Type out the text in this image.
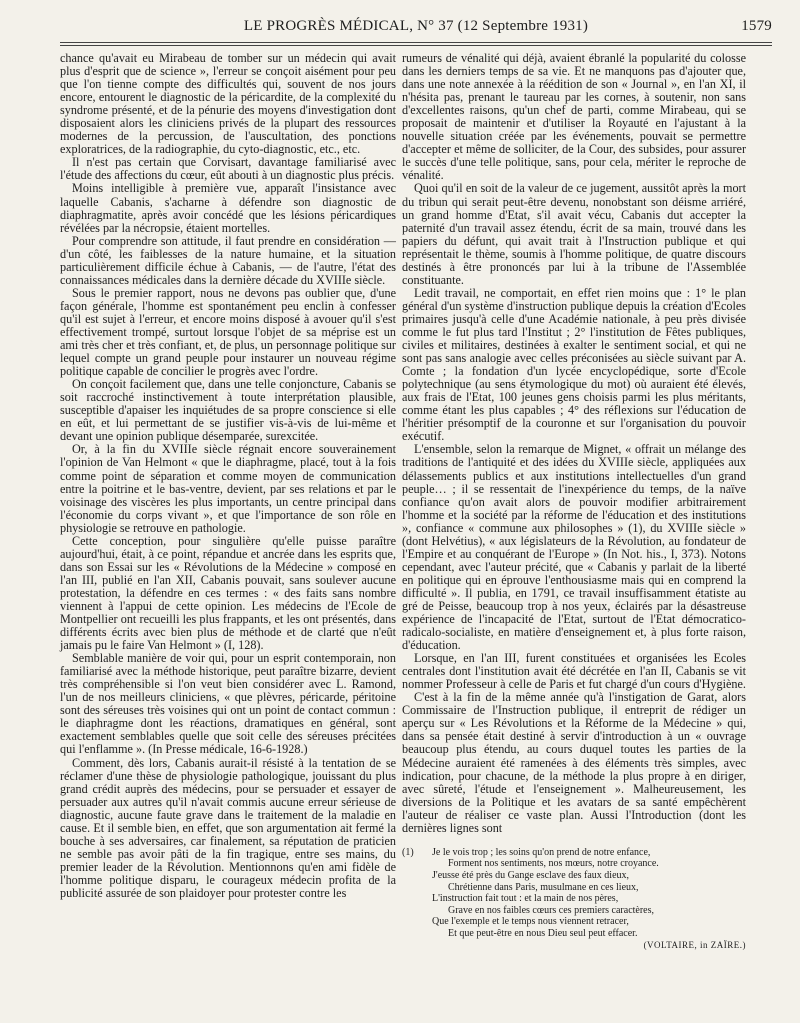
LE PROGRÈS MÉDICAL, N° 37 (12 Septembre 1931)	1579

chance qu'avait eu Mirabeau de tomber sur un médecin qui avait plus d'esprit que de science », l'erreur se conçoit aisément pour peu que l'on tienne compte des difficultés qui, souvent de nos jours encore, entourent le diagnostic de la péricardite, de la complexité du syndrome présenté, et de la pénurie des moyens d'investigation dont disposaient alors les cliniciens privés de la plupart des ressources modernes de la percussion, de l'auscultation, des ponctions exploratrices, de la radiographie, du cyto-diagnostic, etc., etc.

Il n'est pas certain que Corvisart, davantage familiarisé avec l'étude des affections du cœur, eût abouti à un diagnostic plus précis.

Moins intelligible à première vue, apparaît l'insistance avec laquelle Cabanis, s'acharne à défendre son diagnostic de diaphragmatite, après avoir concédé que les lésions péricardiques révélées par la nécropsie, étaient mortelles.

Pour comprendre son attitude, il faut prendre en considération — d'un côté, les faiblesses de la nature humaine, et la situation particulièrement difficile échue à Cabanis, — de l'autre, l'état des connaissances médicales dans la dernière décade du XVIIIe siècle.

Sous le premier rapport, nous ne devons pas oublier que, d'une façon générale, l'homme est spontanément peu enclin à confesser qu'il est sujet à l'erreur, et encore moins disposé à avouer qu'il s'est effectivement trompé, surtout lorsque l'objet de sa méprise est un ami très cher et très confiant, et, de plus, un personnage politique sur lequel compte un grand peuple pour instaurer un nouveau régime politique capable de concilier le progrès avec l'ordre.

On conçoit facilement que, dans une telle conjoncture, Cabanis se soit raccroché instinctivement à toute interprétation plausible, susceptible d'apaiser les inquiétudes de sa propre conscience si elle en eût, et lui permettant de se justifier vis-à-vis de lui-même et devant une opinion publique désemparée, surexcitée.

Or, à la fin du XVIIIe siècle régnait encore souverainement l'opinion de Van Helmont « que le diaphragme, placé, tout à la fois comme point de séparation et comme moyen de communication entre la poitrine et le bas-ventre, devient, par ses relations et par le voisinage des viscères les plus importants, un centre principal dans l'économie du corps vivant », et que l'importance de son rôle en physiologie se retrouve en pathologie.

Cette conception, pour singulière qu'elle puisse paraître aujourd'hui, était, à ce point, répandue et ancrée dans les esprits que, dans son Essai sur les « Révolutions de la Médecine » composé en l'an III, publié en l'an XII, Cabanis pouvait, sans soulever aucune protestation, la défendre en ces termes : « des faits sans nombre viennent à l'appui de cette opinion. Les médecins de l'Ecole de Montpellier ont recueilli les plus frappants, et les ont présentés, dans différents écrits avec bien plus de méthode et de clarté que n'eût jamais pu le faire Van Helmont » (I, 128).

Semblable manière de voir qui, pour un esprit contemporain, non familiarisé avec la méthode historique, peut paraître bizarre, devient très compréhensible si l'on veut bien considérer avec L. Ramond, l'un de nos meilleurs cliniciens, « que plèvres, péricarde, péritoine sont des séreuses très voisines qui ont un point de contact commun : le diaphragme dont les réactions, dramatiques en général, sont exactement semblables quelle que soit celle des séreuses précitées qui l'enflamme ». (In Presse médicale, 16-6-1928.)

Comment, dès lors, Cabanis aurait-il résisté à la tentation de se réclamer d'une thèse de physiologie pathologique, jouissant du plus grand crédit auprès des médecins, pour se persuader et essayer de persuader aux autres qu'il n'avait commis aucune erreur sérieuse de diagnostic, aucune faute grave dans le traitement de la maladie en cause. Et il semble bien, en effet, que son argumentation ait fermé la bouche à ses adversaires, car finalement, sa réputation de praticien ne semble pas avoir pâti de la fin tragique, entre ses mains, du premier leader de la Révolution. Mentionnons qu'en ami fidèle de l'homme politique disparu, le courageux médecin profita de la publicité assurée de son plaidoyer pour protester contre les

rumeurs de vénalité qui déjà, avaient ébranlé la popularité du colosse dans les derniers temps de sa vie. Et ne manquons pas d'ajouter que, dans une note annexée à la réédition de son « Journal », en l'an XI, il n'hésita pas, prenant le taureau par les cornes, à soutenir, non sans d'excellentes raisons, qu'un chef de parti, comme Mirabeau, qui se proposait de maintenir et d'utiliser la Royauté en l'ajustant à la nouvelle situation créée par les événements, pouvait se permettre d'accepter et même de solliciter, de la Cour, des subsides, pour assurer le succès d'une telle politique, sans, pour cela, mériter le reproche de vénalité.

Quoi qu'il en soit de la valeur de ce jugement, aussitôt après la mort du tribun qui serait peut-être devenu, nonobstant son déisme arriéré, un grand homme d'Etat, s'il avait vécu, Cabanis dut accepter la paternité d'un travail assez étendu, écrit de sa main, trouvé dans les papiers du défunt, qui avait trait à l'Instruction publique et qui représentait le thème, soumis à l'homme politique, de quatre discours destinés à être prononcés par lui à la tribune de l'Assemblée constituante.

Ledit travail, ne comportait, en effet rien moins que : 1° le plan général d'un système d'instruction publique depuis la création d'Ecoles primaires jusqu'à celle d'une Académie nationale, à peu près divisée comme le fut plus tard l'Institut ; 2° l'institution de Fêtes publiques, civiles et militaires, destinées à exalter le sentiment social, et qui ne sont pas sans analogie avec celles préconisées au siècle suivant par A. Comte ; la fondation d'un lycée encyclopédique, sorte d'Ecole polytechnique (au sens étymologique du mot) où auraient été élevés, aux frais de l'Etat, 100 jeunes gens choisis parmi les plus méritants, comme étant les plus capables ; 4° des réflexions sur l'éducation de l'héritier présomptif de la couronne et sur l'organisation du pouvoir exécutif.

L'ensemble, selon la remarque de Mignet, « offrait un mélange des traditions de l'antiquité et des idées du XVIIIe siècle, appliquées aux délassements publics et aux institutions intellectuelles d'un grand peuple… ; il se ressentait de l'inexpérience du temps, de la naïve confiance qu'on avait alors de pouvoir modifier arbitrairement l'homme et la société par la réforme de l'éducation et des institutions », confiance « commune aux philosophes » (1), du XVIIIe siècle » (dont Helvétius), « aux législateurs de la Révolution, au fondateur de l'Empire et au conquérant de l'Europe » (In Not. his., I, 373). Notons cependant, avec l'auteur précité, que « Cabanis y parlait de la liberté en politique qui en éprouve l'enthousiasme mais qui en comprend la difficulté ». Il publia, en 1791, ce travail insuffisamment étatiste au gré de Peisse, beaucoup trop à nos yeux, éclairés par la désastreuse expérience de l'incapacité de l'Etat, surtout de l'Etat démocratico-radicalo-socialiste, en matière d'enseignement et, à plus forte raison, d'éducation.

Lorsque, en l'an III, furent constituées et organisées les Ecoles centrales dont l'institution avait été décrétée en l'an II, Cabanis se vit nommer Professeur à celle de Paris et fut chargé d'un cours d'Hygiène.

C'est à la fin de la même année qu'à l'instigation de Garat, alors Commissaire de l'Instruction publique, il entreprit de rédiger un aperçu sur « Les Révolutions et la Réforme de la Médecine » qui, dans sa pensée était destiné à servir d'introduction à un « ouvrage beaucoup plus étendu, au cours duquel toutes les parties de la Médecine auraient été ramenées à des éléments très simples, avec indication, pour chacune, de la méthode la plus propre à en diriger, avec sûreté, l'étude et l'enseignement ». Malheureusement, les diversions de la Politique et les avatars de sa santé empêchèrent l'auteur de réaliser ce vaste plan. Aussi l'Introduction (dont les dernières lignes sont

(1) Je le vois trop ; les soins qu'on prend de notre enfance,
Forment nos sentiments, nos mœurs, notre croyance.
J'eusse été près du Gange esclave des faux dieux,
Chrétienne dans Paris, musulmane en ces lieux,
L'instruction fait tout : et la main de nos pères,
Grave en nos faibles cœurs ces premiers caractères,
Que l'exemple et le temps nous viennent retracer,
Et que peut-être en nous Dieu seul peut effacer.
(VOLTAIRE, in ZAÏRE.)
